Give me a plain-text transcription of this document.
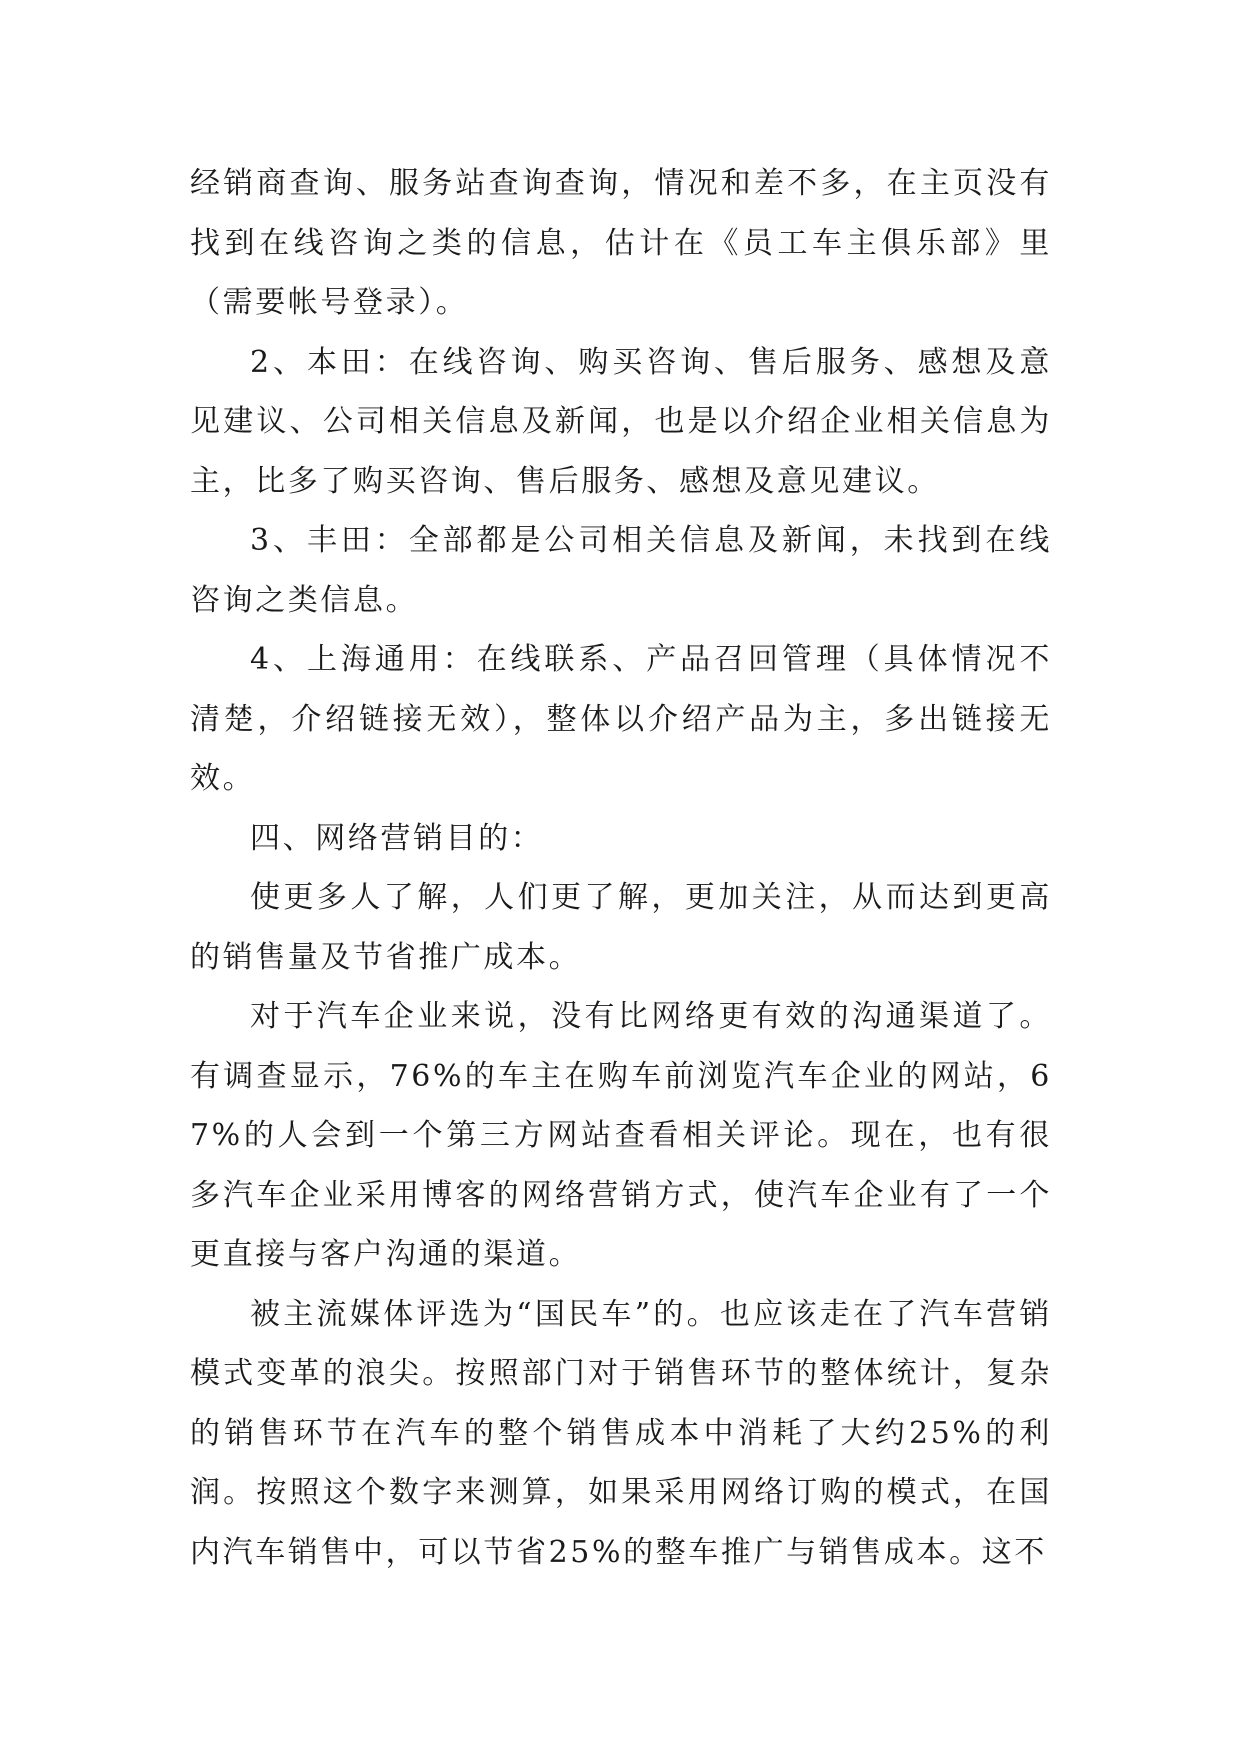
经销商查询、服务站查询查询，情况和差不多，在主页没有找到在线咨询之类的信息，估计在《员工车主俱乐部》里（需要帐号登录）。

2、本田：在线咨询、购买咨询、售后服务、感想及意见建议、公司相关信息及新闻，也是以介绍企业相关信息为主，比多了购买咨询、售后服务、感想及意见建议。

3、丰田：全部都是公司相关信息及新闻，未找到在线咨询之类信息。

4、上海通用：在线联系、产品召回管理（具体情况不清楚，介绍链接无效），整体以介绍产品为主，多出链接无效。

四、网络营销目的：

使更多人了解，人们更了解，更加关注，从而达到更高的销售量及节省推广成本。

对于汽车企业来说，没有比网络更有效的沟通渠道了。有调查显示，76%的车主在购车前浏览汽车企业的网站，67%的人会到一个第三方网站查看相关评论。现在，也有很多汽车企业采用博客的网络营销方式，使汽车企业有了一个更直接与客户沟通的渠道。

被主流媒体评选为“国民车”的。也应该走在了汽车营销模式变革的浪尖。按照部门对于销售环节的整体统计，复杂的销售环节在汽车的整个销售成本中消耗了大约25%的利润。按照这个数字来测算，如果采用网络订购的模式，在国内汽车销售中，可以节省25%的整车推广与销售成本。这不
